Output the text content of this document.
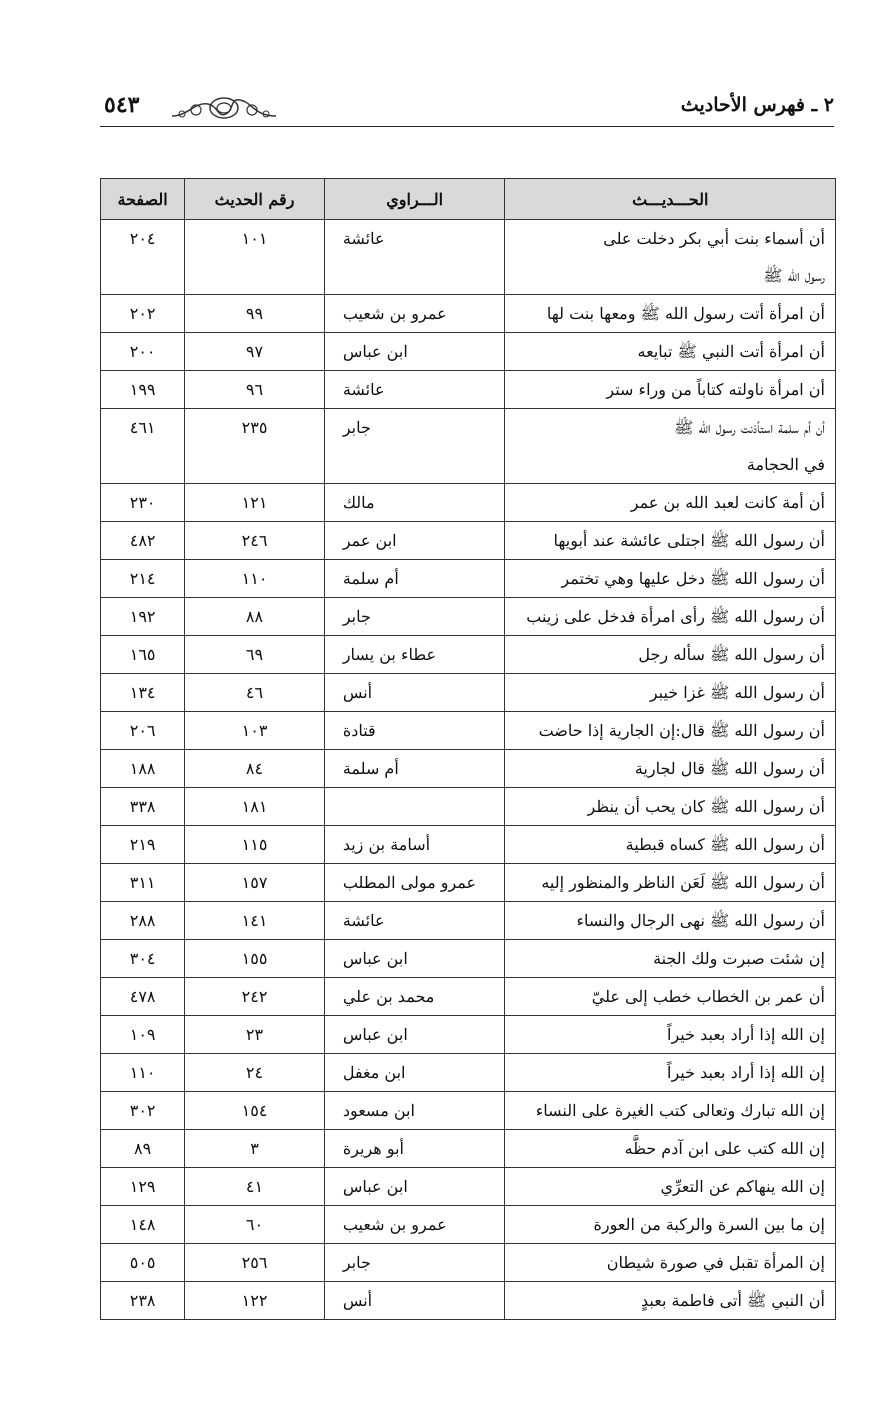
٢ ـ فهرس الأحاديث
٥٤٣
الحـــديـــث	الـــراوي	رقم الحديث	الصفحة

أن أسماء بنت أبي بكر دخلت على
رسول الله ﷺ	عائشة	١٠١	٢٠٤

أن امرأة أتت رسول الله ﷺ ومعها بنت لها	عمرو بن شعيب	٩٩	٢٠٢

أن امرأة أتت النبي ﷺ تبايعه	ابن عباس	٩٧	٢٠٠

أن امرأة ناولته كتاباً من وراء ستر	عائشة	٩٦	١٩٩

أن أم سلمة استأذنت رسول الله ﷺ
في الحجامة	جابر	٢٣٥	٤٦١

أن أمة كانت لعبد الله بن عمر	مالك	١٢١	٢٣٠

أن رسول الله ﷺ اجتلى عائشة عند أبويها	ابن عمر	٢٤٦	٤٨٢

أن رسول الله ﷺ دخل عليها وهي تختمر	أم سلمة	١١٠	٢١٤

أن رسول الله ﷺ رأى امرأة فدخل على زينب	جابر	٨٨	١٩٢

أن رسول الله ﷺ سأله رجل	عطاء بن يسار	٦٩	١٦٥

أن رسول الله ﷺ غزا خيبر	أنس	٤٦	١٣٤

أن رسول الله ﷺ قال:إن الجارية إذا حاضت	قتادة	١٠٣	٢٠٦

أن رسول الله ﷺ قال لجارية	أم سلمة	٨٤	١٨٨

أن رسول الله ﷺ كان يحب أن ينظر		١٨١	٣٣٨

أن رسول الله ﷺ كساه قبطية	أسامة بن زيد	١١٥	٢١٩

أن رسول الله ﷺ لَعَن الناظر والمنظور إليه	عمرو مولى المطلب	١٥٧	٣١١

أن رسول الله ﷺ نهى الرجال والنساء	عائشة	١٤١	٢٨٨

إن شئت صبرت ولك الجنة	ابن عباس	١٥٥	٣٠٤

أن عمر بن الخطاب خطب إلى عليّ	محمد بن علي	٢٤٢	٤٧٨

إن الله إذا أراد بعبد خيراً	ابن عباس	٢٣	١٠٩

إن الله إذا أراد بعبد خيراً	ابن مغفل	٢٤	١١٠

إن الله تبارك وتعالى كتب الغيرة على النساء	ابن مسعود	١٥٤	٣٠٢

إن الله كتب على ابن آدم حظَّه	أبو هريرة	٣	٨٩

إن الله ينهاكم عن التعرِّي	ابن عباس	٤١	١٢٩

إن ما بين السرة والركبة من العورة	عمرو بن شعيب	٦٠	١٤٨

إن المرأة تقبل في صورة شيطان	جابر	٢٥٦	٥٠٥

أن النبي ﷺ أتى فاطمة بعبدٍ	أنس	١٢٢	٢٣٨
